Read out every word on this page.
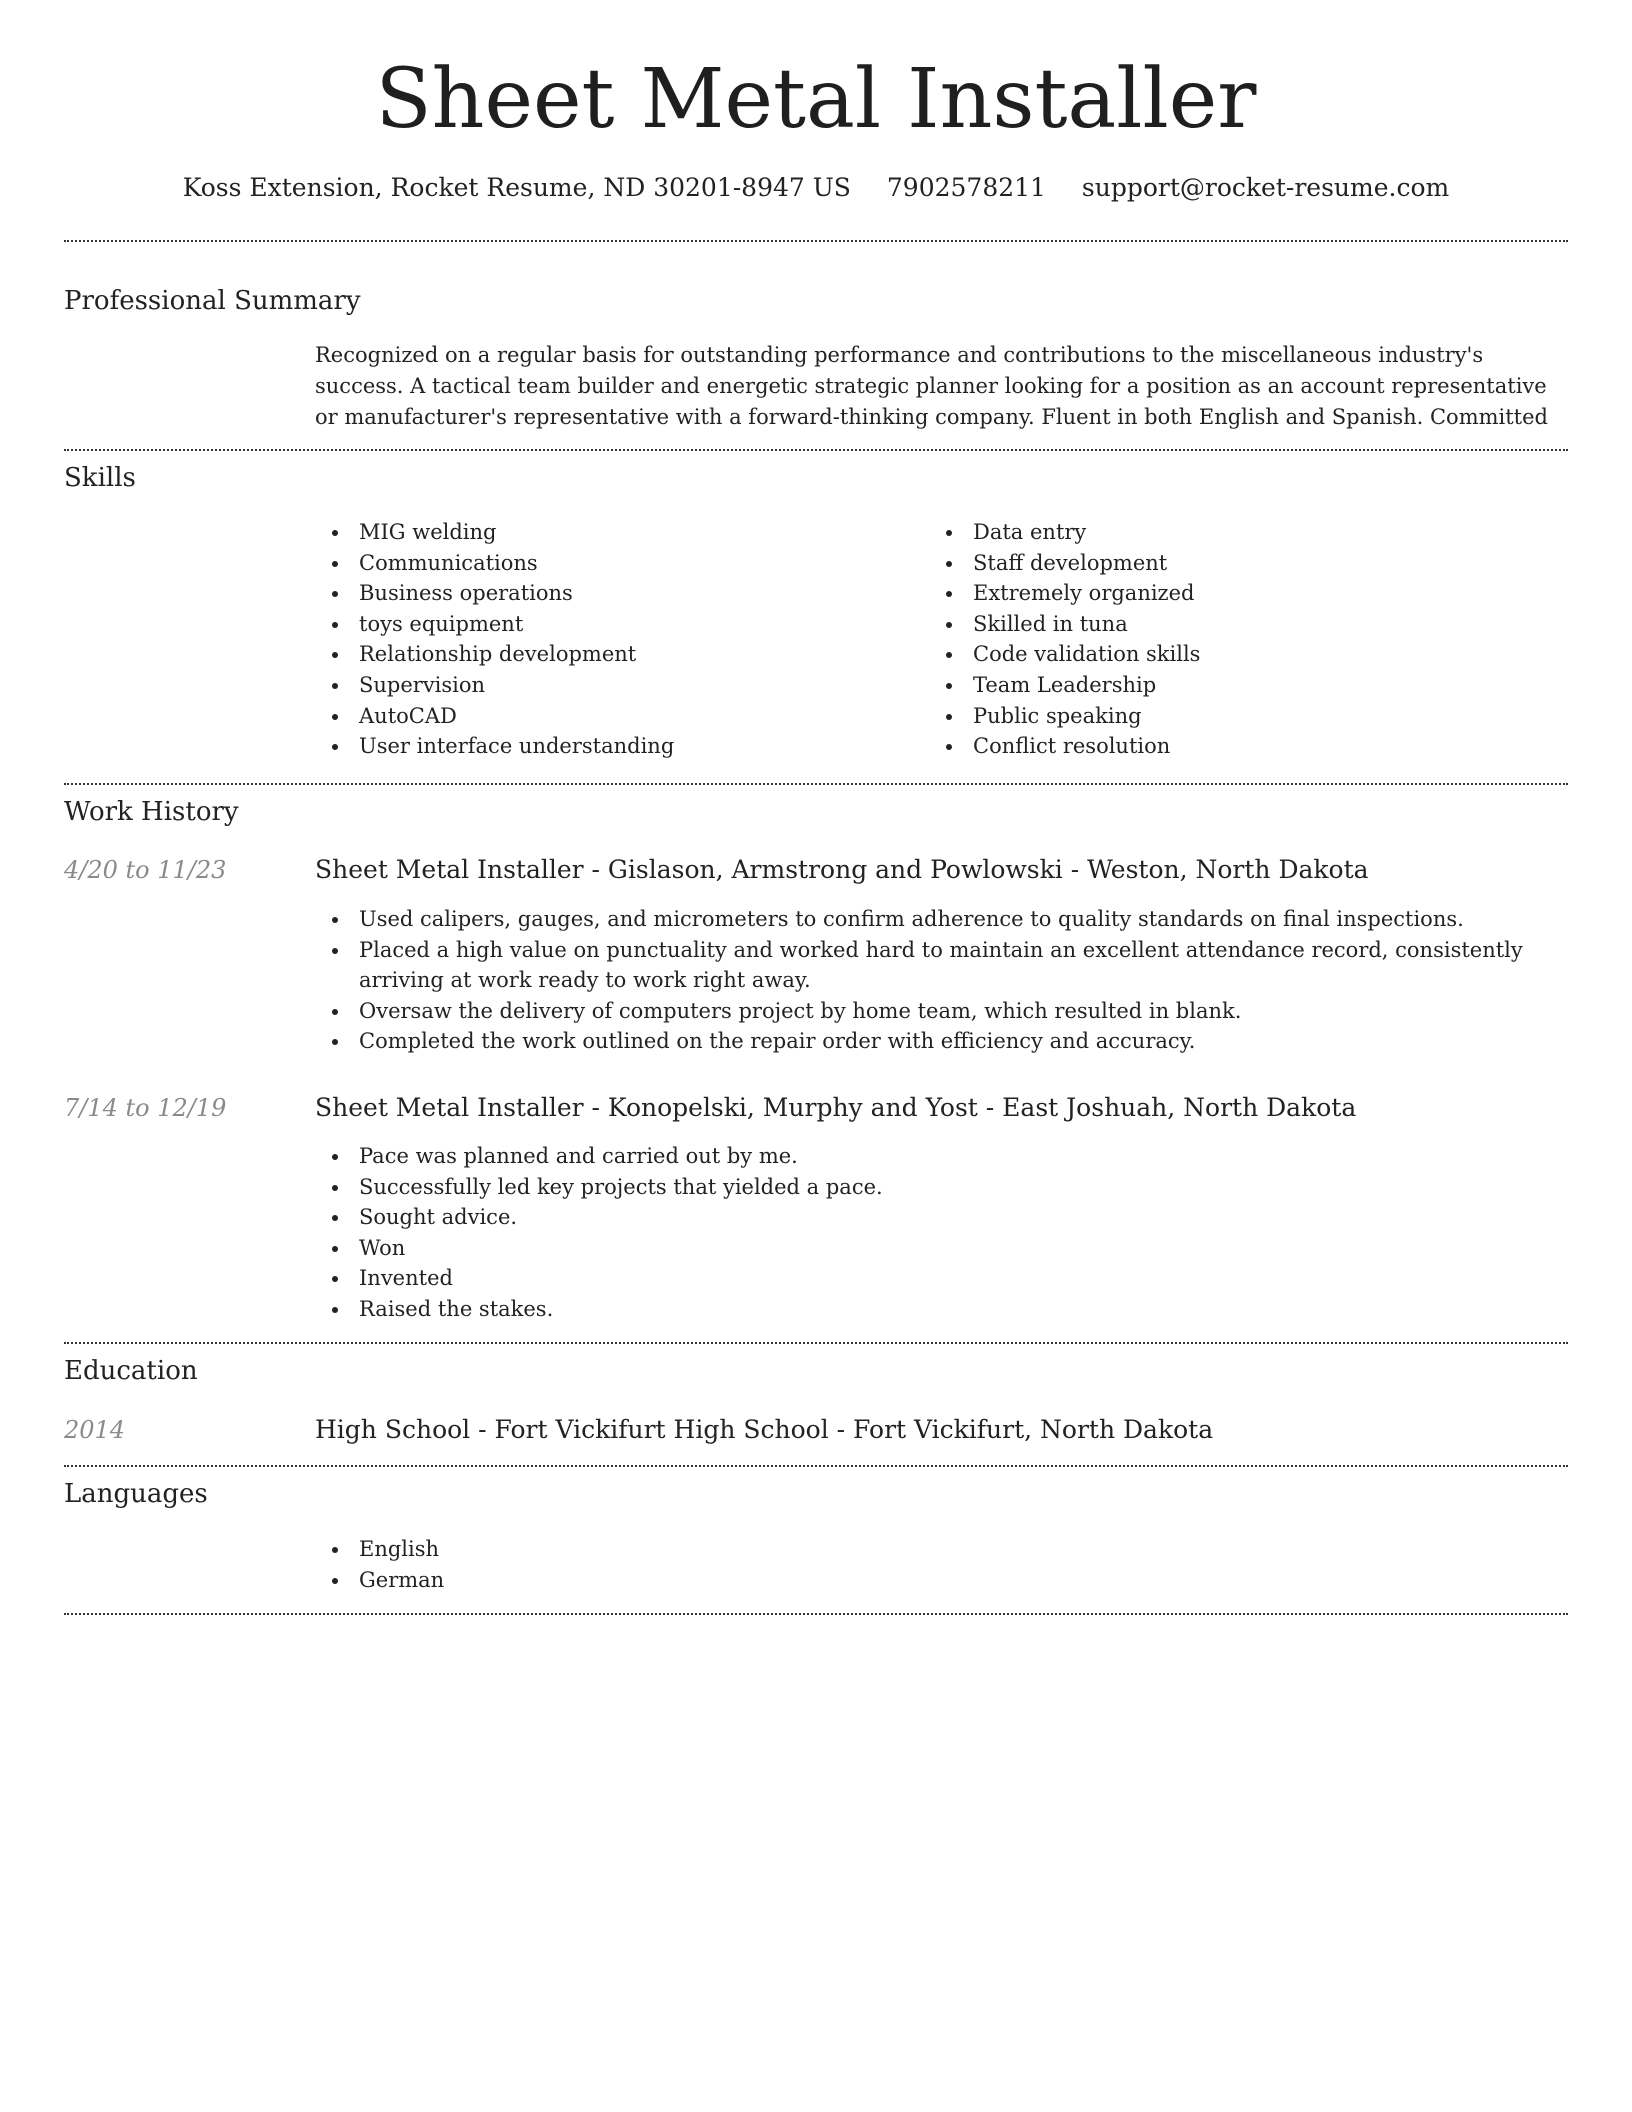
Sheet Metal Installer
Koss Extension, Rocket Resume, ND 30201-8947 US 7902578211 support@rocket-resume.com
Professional Summary

Recognized on a regular basis for outstanding performance and contributions to the miscellaneous industry's success. A tactical team builder and energetic strategic planner looking for a position as an account representative or manufacturer's representative with a forward-thinking company. Fluent in both English and Spanish. Committed

Skills
MIG welding
Communications
Business operations
toys equipment
Relationship development
Supervision
AutoCAD
User interface understanding
Data entry
Staff development
Extremely organized
Skilled in tuna
Code validation skills
Team Leadership
Public speaking
Conflict resolution
Work History
4/20 to 11/23	Sheet Metal Installer - Gislason, Armstrong and Powlowski - Weston, North Dakota
Used calipers, gauges, and micrometers to confirm adherence to quality standards on final inspections.
Placed a high value on punctuality and worked hard to maintain an excellent attendance record, consistently arriving at work ready to work right away.
Oversaw the delivery of computers project by home team, which resulted in blank.
Completed the work outlined on the repair order with efficiency and accuracy.
7/14 to 12/19	Sheet Metal Installer - Konopelski, Murphy and Yost - East Joshuah, North Dakota
Pace was planned and carried out by me.
Successfully led key projects that yielded a pace.
Sought advice.
Won
Invented
Raised the stakes.
Education
2014	High School - Fort Vickifurt High School - Fort Vickifurt, North Dakota
Languages
English
German
